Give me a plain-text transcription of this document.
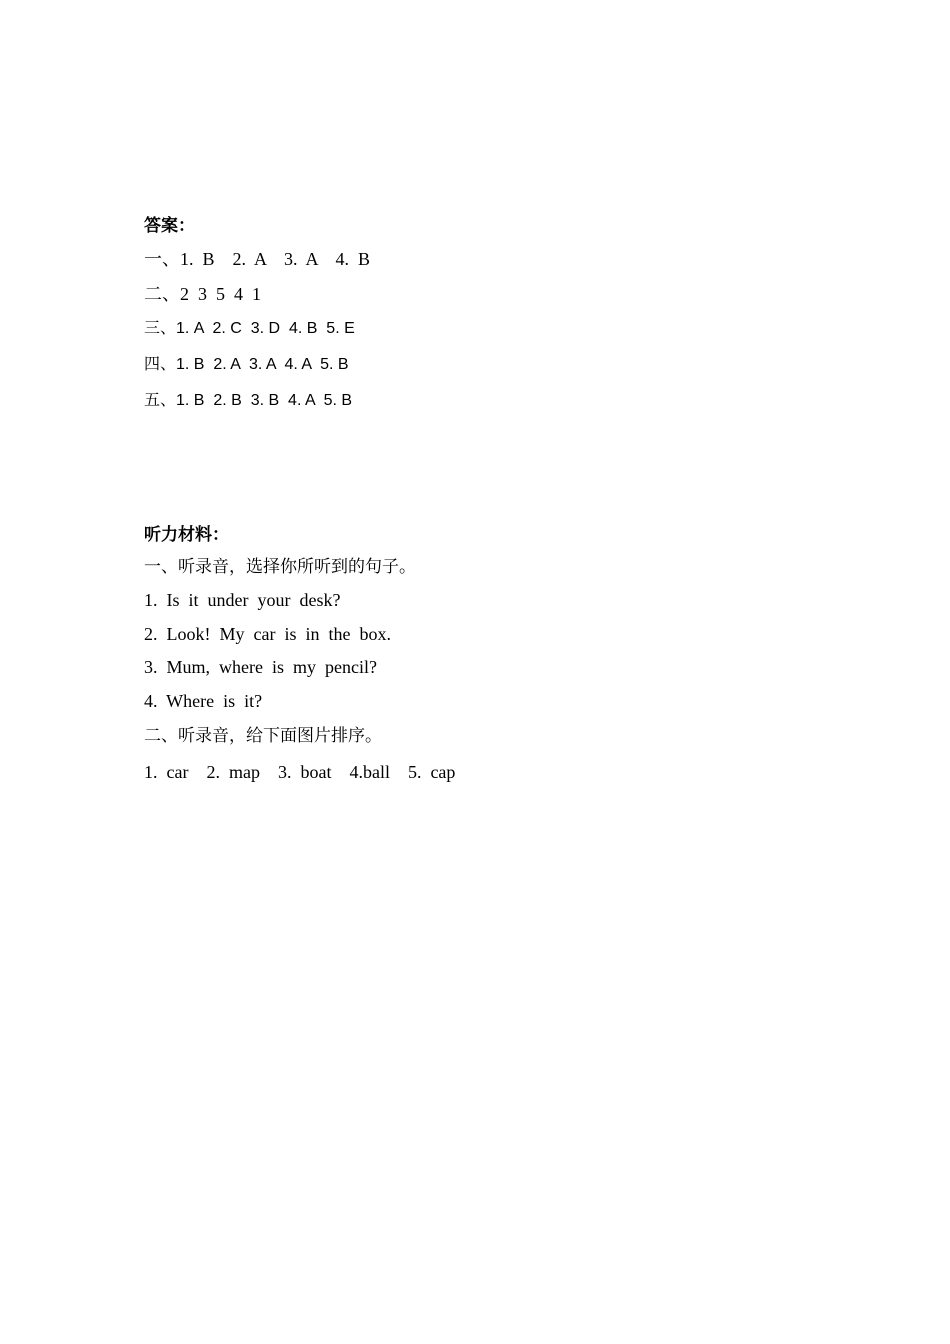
答案：
一、1.  B    2.  A    3.  A    4.  B
二、2  3  5  4  1
三、1. A  2. C  3. D  4. B  5. E
四、1. B  2. A  3. A  4. A  5. B
五、1. B  2. B  3. B  4. A  5. B
听力材料：
一、听录音，选择你所听到的句子。
1.  Is  it  under  your  desk?
2.  Look!  My  car  is  in  the  box.
3.  Mum,  where  is  my  pencil?
4.  Where  is  it?
二、听录音，给下面图片排序。
1.  car    2.  map    3.  boat    4.ball    5.  cap
